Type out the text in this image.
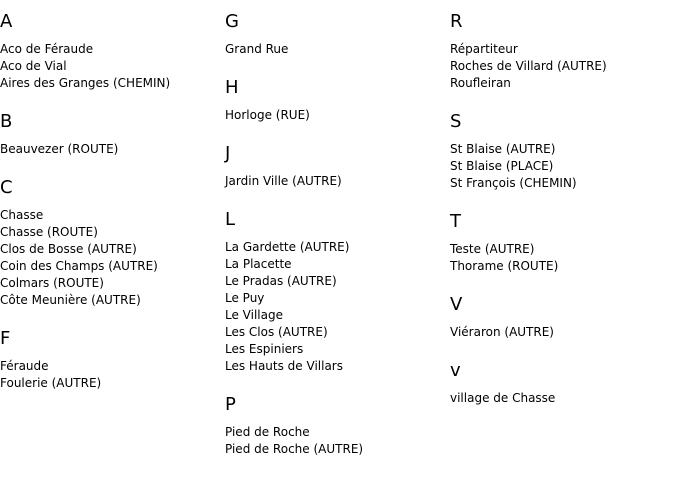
A
Aco de Féraude
Aco de Vial
Aires des Granges (CHEMIN)
B
Beauvezer (ROUTE)
C
Chasse
Chasse (ROUTE)
Clos de Bosse (AUTRE)
Coin des Champs (AUTRE)
Colmars (ROUTE)
Côte Meunière (AUTRE)
F
Féraude
Foulerie (AUTRE)
G
Grand Rue
H
Horloge (RUE)
J
Jardin Ville (AUTRE)
L
La Gardette (AUTRE)
La Placette
Le Pradas (AUTRE)
Le Puy
Le Village
Les Clos (AUTRE)
Les Espiniers
Les Hauts de Villars
P
Pied de Roche
Pied de Roche (AUTRE)
R
Répartiteur
Roches de Villard (AUTRE)
Roufleiran
S
St Blaise (AUTRE)
St Blaise (PLACE)
St François (CHEMIN)
T
Teste (AUTRE)
Thorame (ROUTE)
V
Viéraron (AUTRE)
v
village de Chasse
